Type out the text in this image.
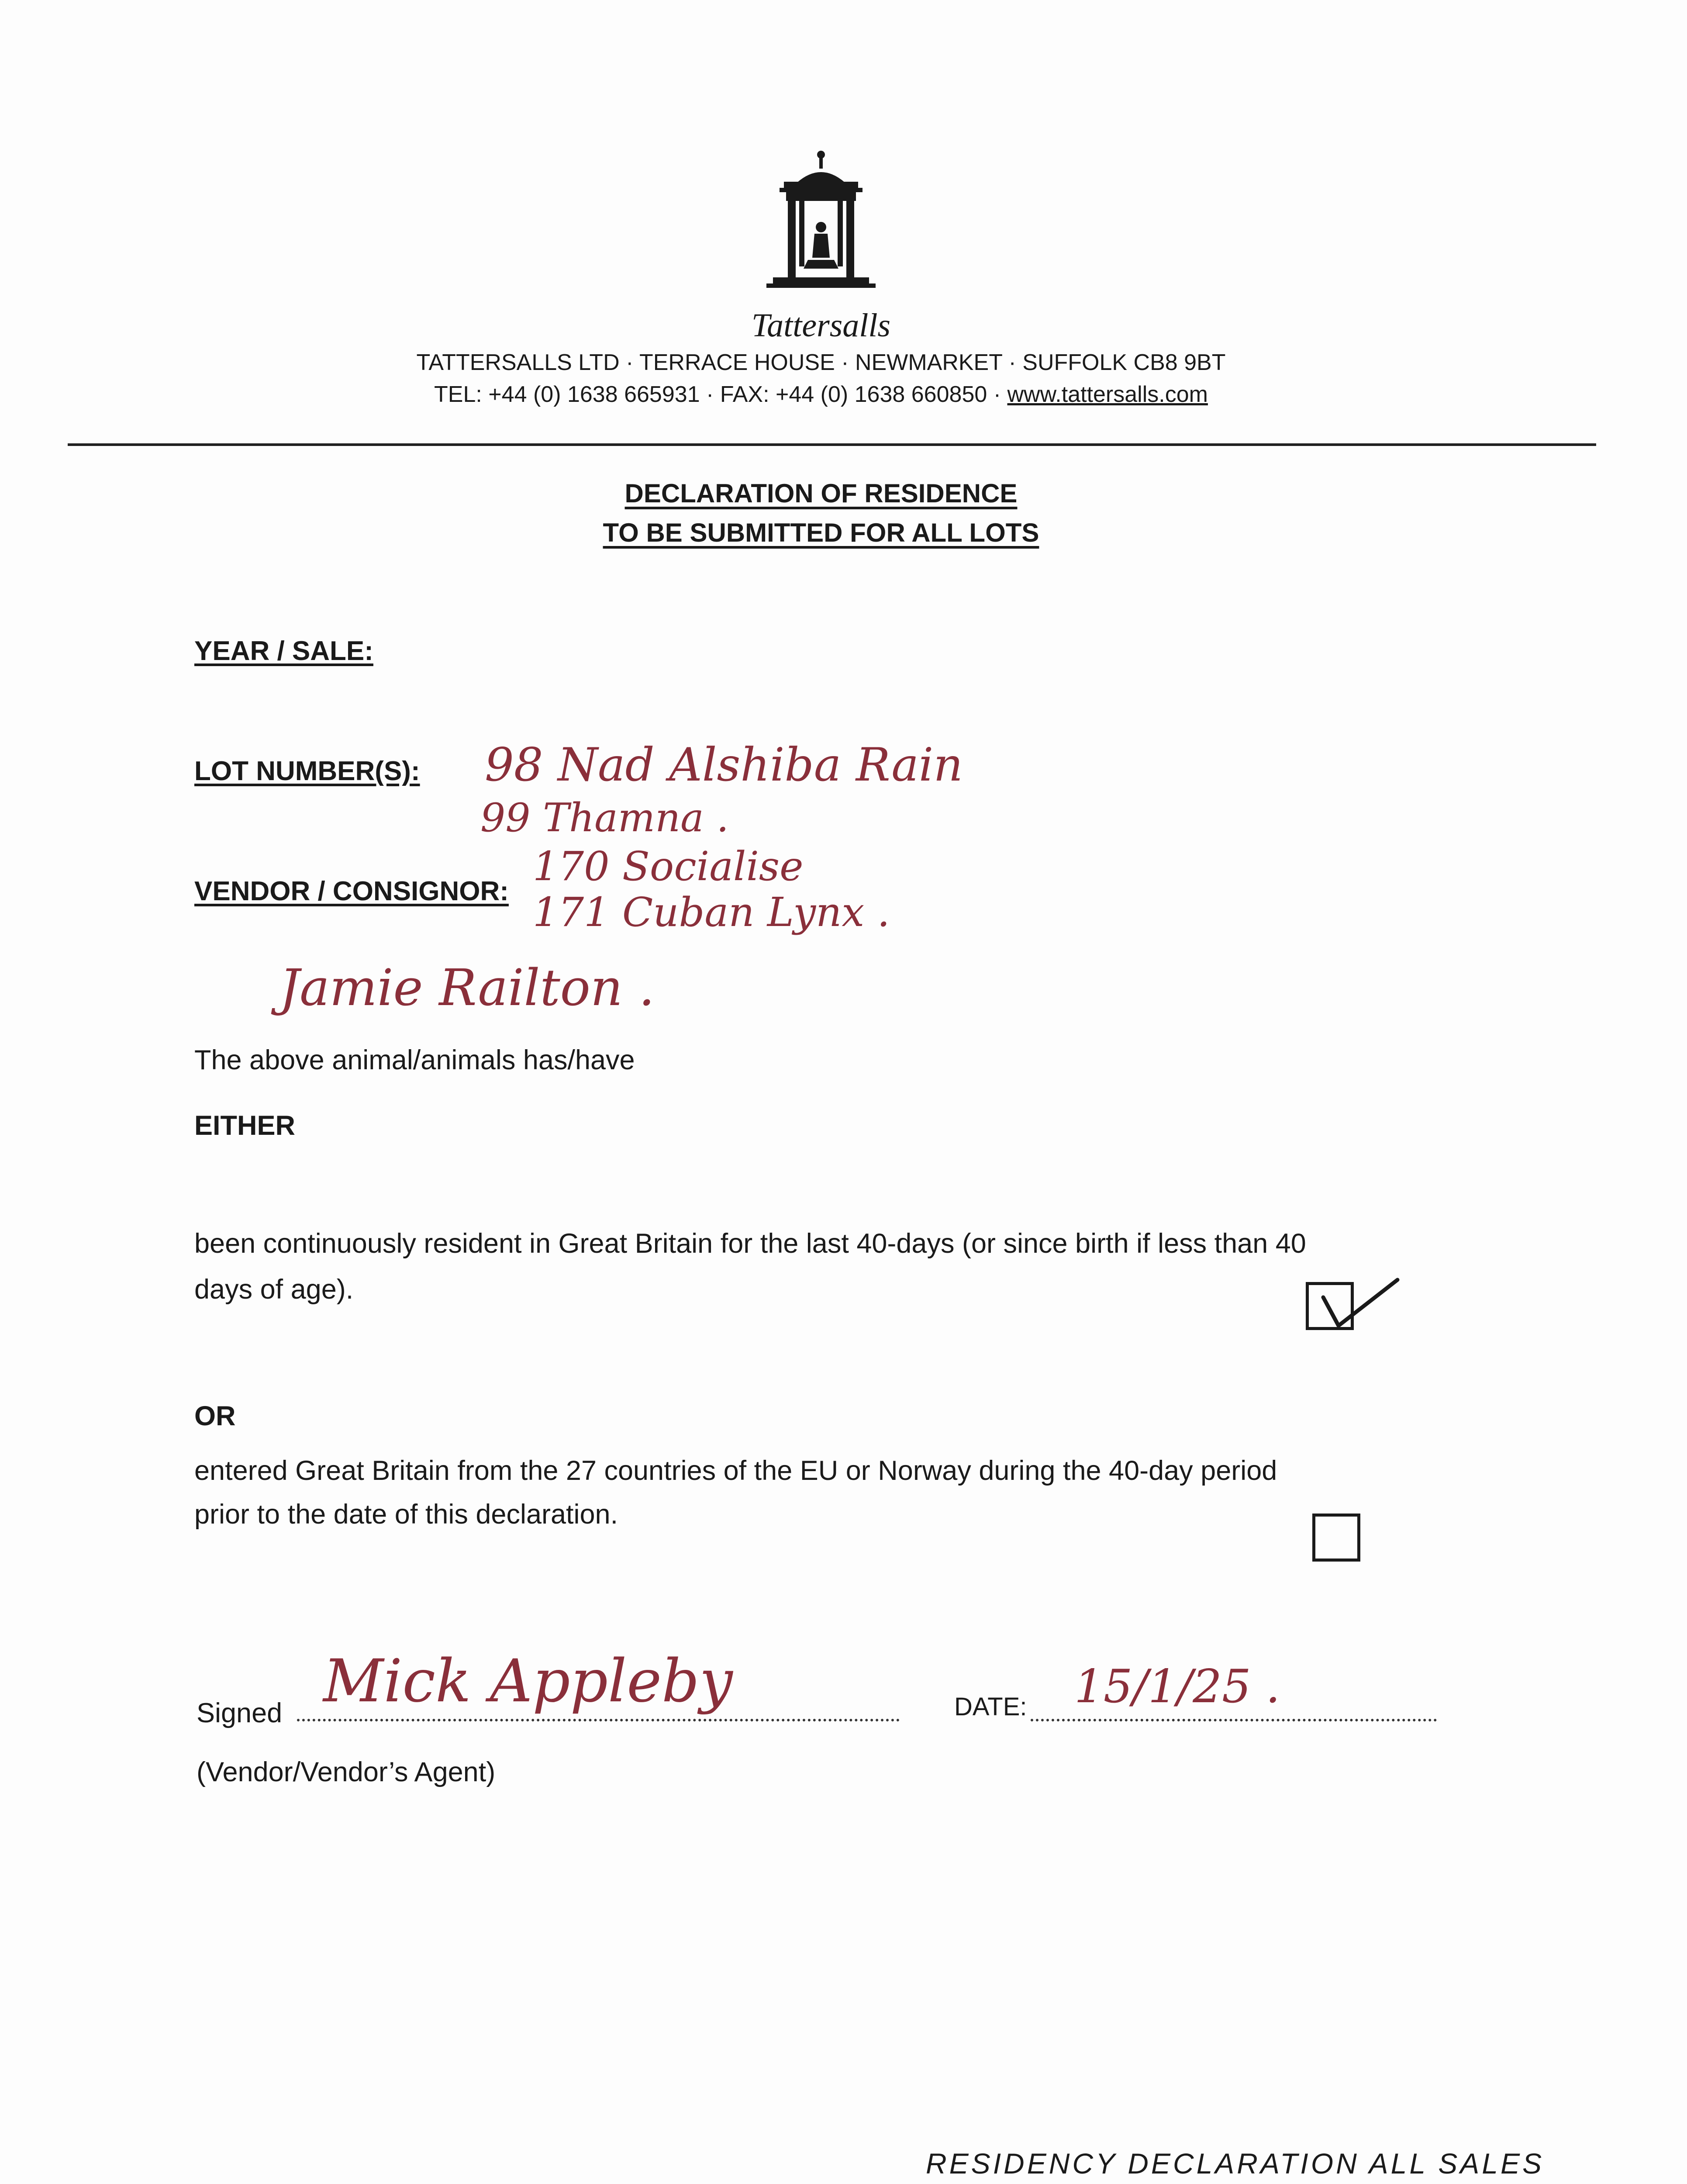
Tattersalls
TATTERSALLS LTD · TERRACE HOUSE · NEWMARKET · SUFFOLK CB8 9BT
TEL: +44 (0) 1638 665931 · FAX: +44 (0) 1638 660850 · www.tattersalls.com
DECLARATION OF RESIDENCE
TO BE SUBMITTED FOR ALL LOTS
YEAR / SALE:
LOT NUMBER(S):
VENDOR / CONSIGNOR:
98 Nad Alshiba Rain
99 Thamna .
170 Socialise
171 Cuban Lynx .
Jamie Railton .
The above animal/animals has/have
EITHER
been continuously resident in Great Britain for the last 40-days (or since birth if less than 40
days of age).
OR
entered Great Britain from the 27 countries of the EU or Norway during the 40-day period
prior to the date of this declaration.
Signed Mick Appleby	DATE: 15/1/25 .
(Vendor/Vendor’s Agent)
RESIDENCY DECLARATION ALL SALES
